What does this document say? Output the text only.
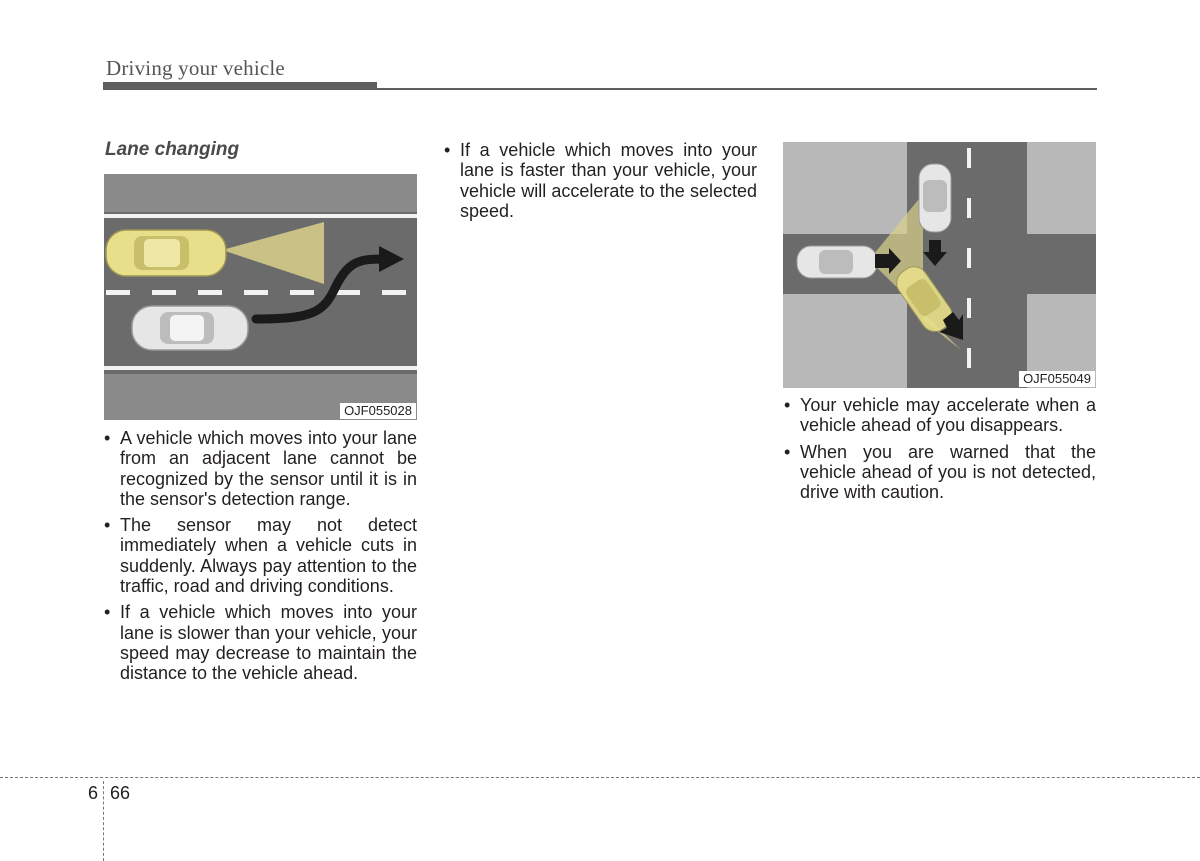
Driving your vehicle
Lane changing
OJF055028
OJF055049
• A vehicle which moves into your lane from an adjacent lane cannot be recognized by the sensor until it is in the sensor's detection range.
• The sensor may not detect immediately when a vehicle cuts in suddenly. Always pay attention to the traffic, road and driving conditions.
• If a vehicle which moves into your lane is slower than your vehicle, your speed may decrease to maintain the distance to the vehicle ahead.
• If a vehicle which moves into your lane is faster than your vehicle, your vehicle will accelerate to the selected speed.
• Your vehicle may accelerate when a vehicle ahead of you disappears.
• When you are warned that the vehicle ahead of you is not detected, drive with caution.
6 66
